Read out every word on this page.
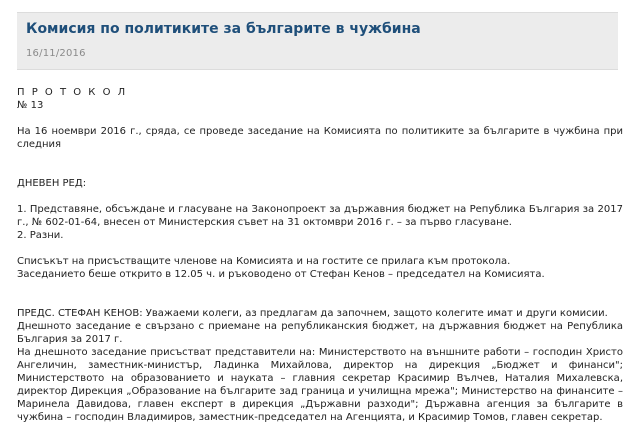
Комисия по политиките за българите в чужбина
16/11/2016

П Р О Т О К О Л

№ 13

На 16 ноември 2016 г., сряда, се проведе заседание на Комисията по политиките за българите в чужбина при следния

ДНЕВЕН РЕД:

1. Представяне, обсъждане и гласуване на Законопроект за държавния бюджет на Република България за 2017 г., № 602-01-64, внесен от Министерския съвет на 31 октомври 2016 г. – за първо гласуване.

2. Разни.

Списъкът на присъстващите членове на Комисията и на гостите се прилага към протокола.

Заседанието беше открито в 12.05 ч. и ръководено от Стефан Кенов – председател на Комисията.

ПРЕДС. СТЕФАН КЕНОВ: Уважаеми колеги, аз предлагам да започнем, защото колегите имат и други комисии.

Днешното заседание е свързано с приемане на републиканския бюджет, на държавния бюджет на Република България за 2017 г.

На днешното заседание присъстват представители на: Министерството на външните работи – господин Христо Ангеличин, заместник-министър, Ладинка Михайлова, директор на дирекция „Бюджет и финанси"; Министерството на образованието и науката – главния секретар Красимир Вълчев, Наталия Михалевска, директор Дирекция „Образование на българите зад граница и училищна мрежа"; Министерство на финансите – Маринела Давидова, главен експерт в дирекция „Държавни разходи"; Държавна агенция за българите в чужбина – господин Владимиров, заместник-председател на Агенцията, и Красимир Томов, главен секретар.
